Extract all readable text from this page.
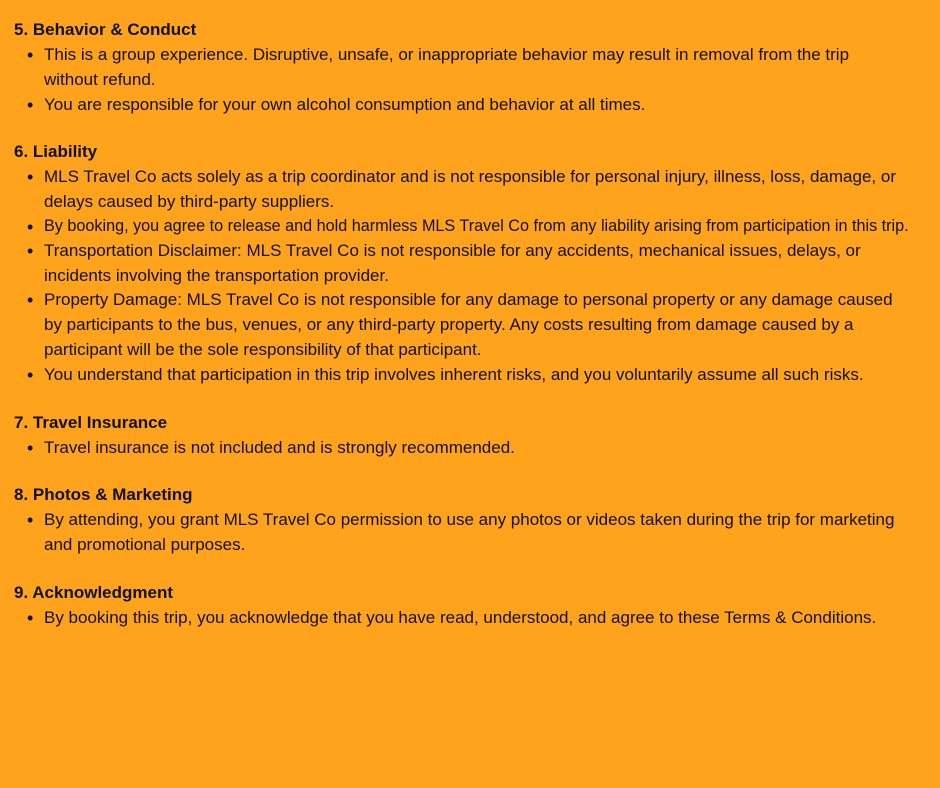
5. Behavior & Conduct
• This is a group experience. Disruptive, unsafe, or inappropriate behavior may result in removal from the trip without refund.
• You are responsible for your own alcohol consumption and behavior at all times.
6. Liability
• MLS Travel Co acts solely as a trip coordinator and is not responsible for personal injury, illness, loss, damage, or delays caused by third-party suppliers.
• By booking, you agree to release and hold harmless MLS Travel Co from any liability arising from participation in this trip.
• Transportation Disclaimer: MLS Travel Co is not responsible for any accidents, mechanical issues, delays, or incidents involving the transportation provider.
• Property Damage: MLS Travel Co is not responsible for any damage to personal property or any damage caused by participants to the bus, venues, or any third-party property. Any costs resulting from damage caused by a participant will be the sole responsibility of that participant.
• You understand that participation in this trip involves inherent risks, and you voluntarily assume all such risks.
7. Travel Insurance
• Travel insurance is not included and is strongly recommended.
8. Photos & Marketing
• By attending, you grant MLS Travel Co permission to use any photos or videos taken during the trip for marketing and promotional purposes.
9. Acknowledgment
• By booking this trip, you acknowledge that you have read, understood, and agree to these Terms & Conditions.
